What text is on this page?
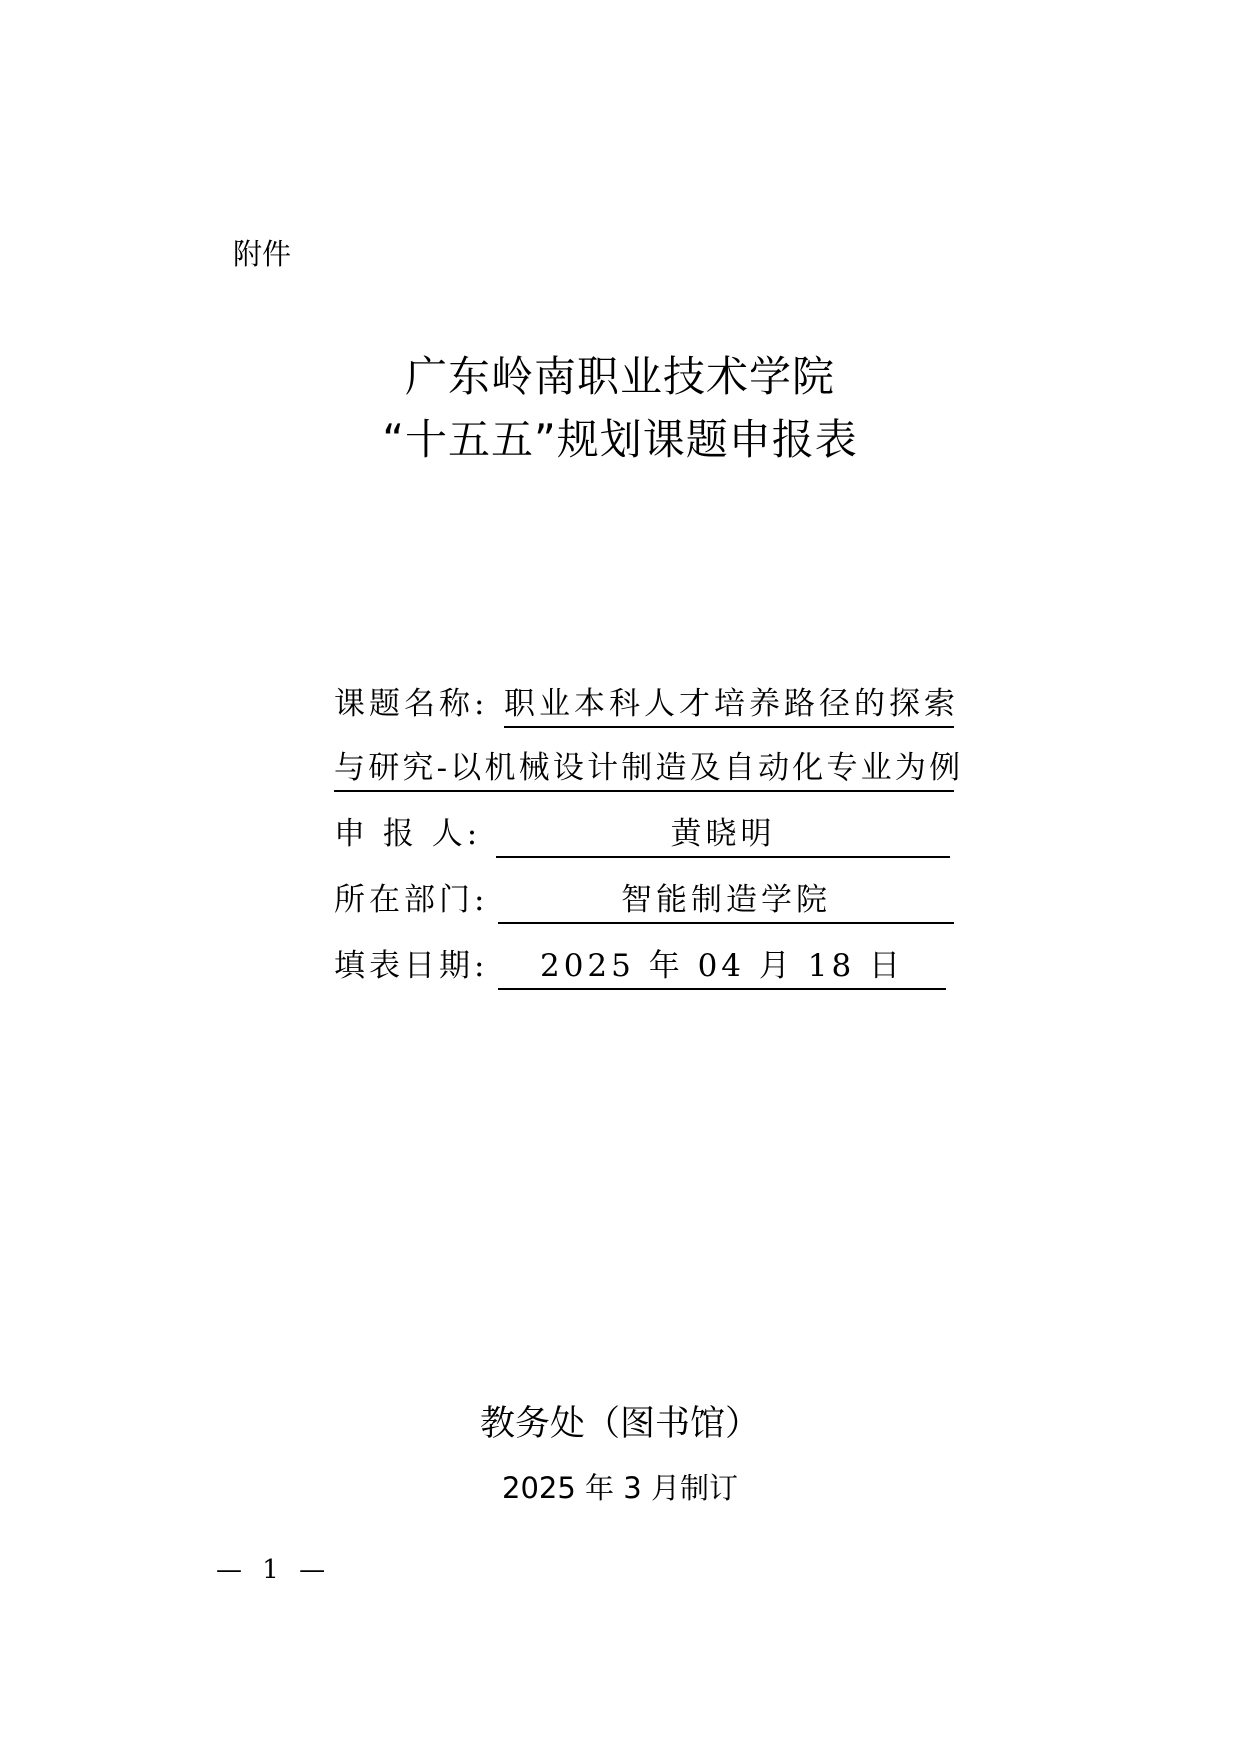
附件
广东岭南职业技术学院
“十五五”规划课题申报表
课题名称: 职业本科人才培养路径的探索
与研究-以机械设计制造及自动化专业为例
申 报 人:	黄晓明
所在部门:	智能制造学院
填表日期:	2025 年 04 月 18 日
教务处（图书馆）
2025 年 3 月制订
— 1 —
